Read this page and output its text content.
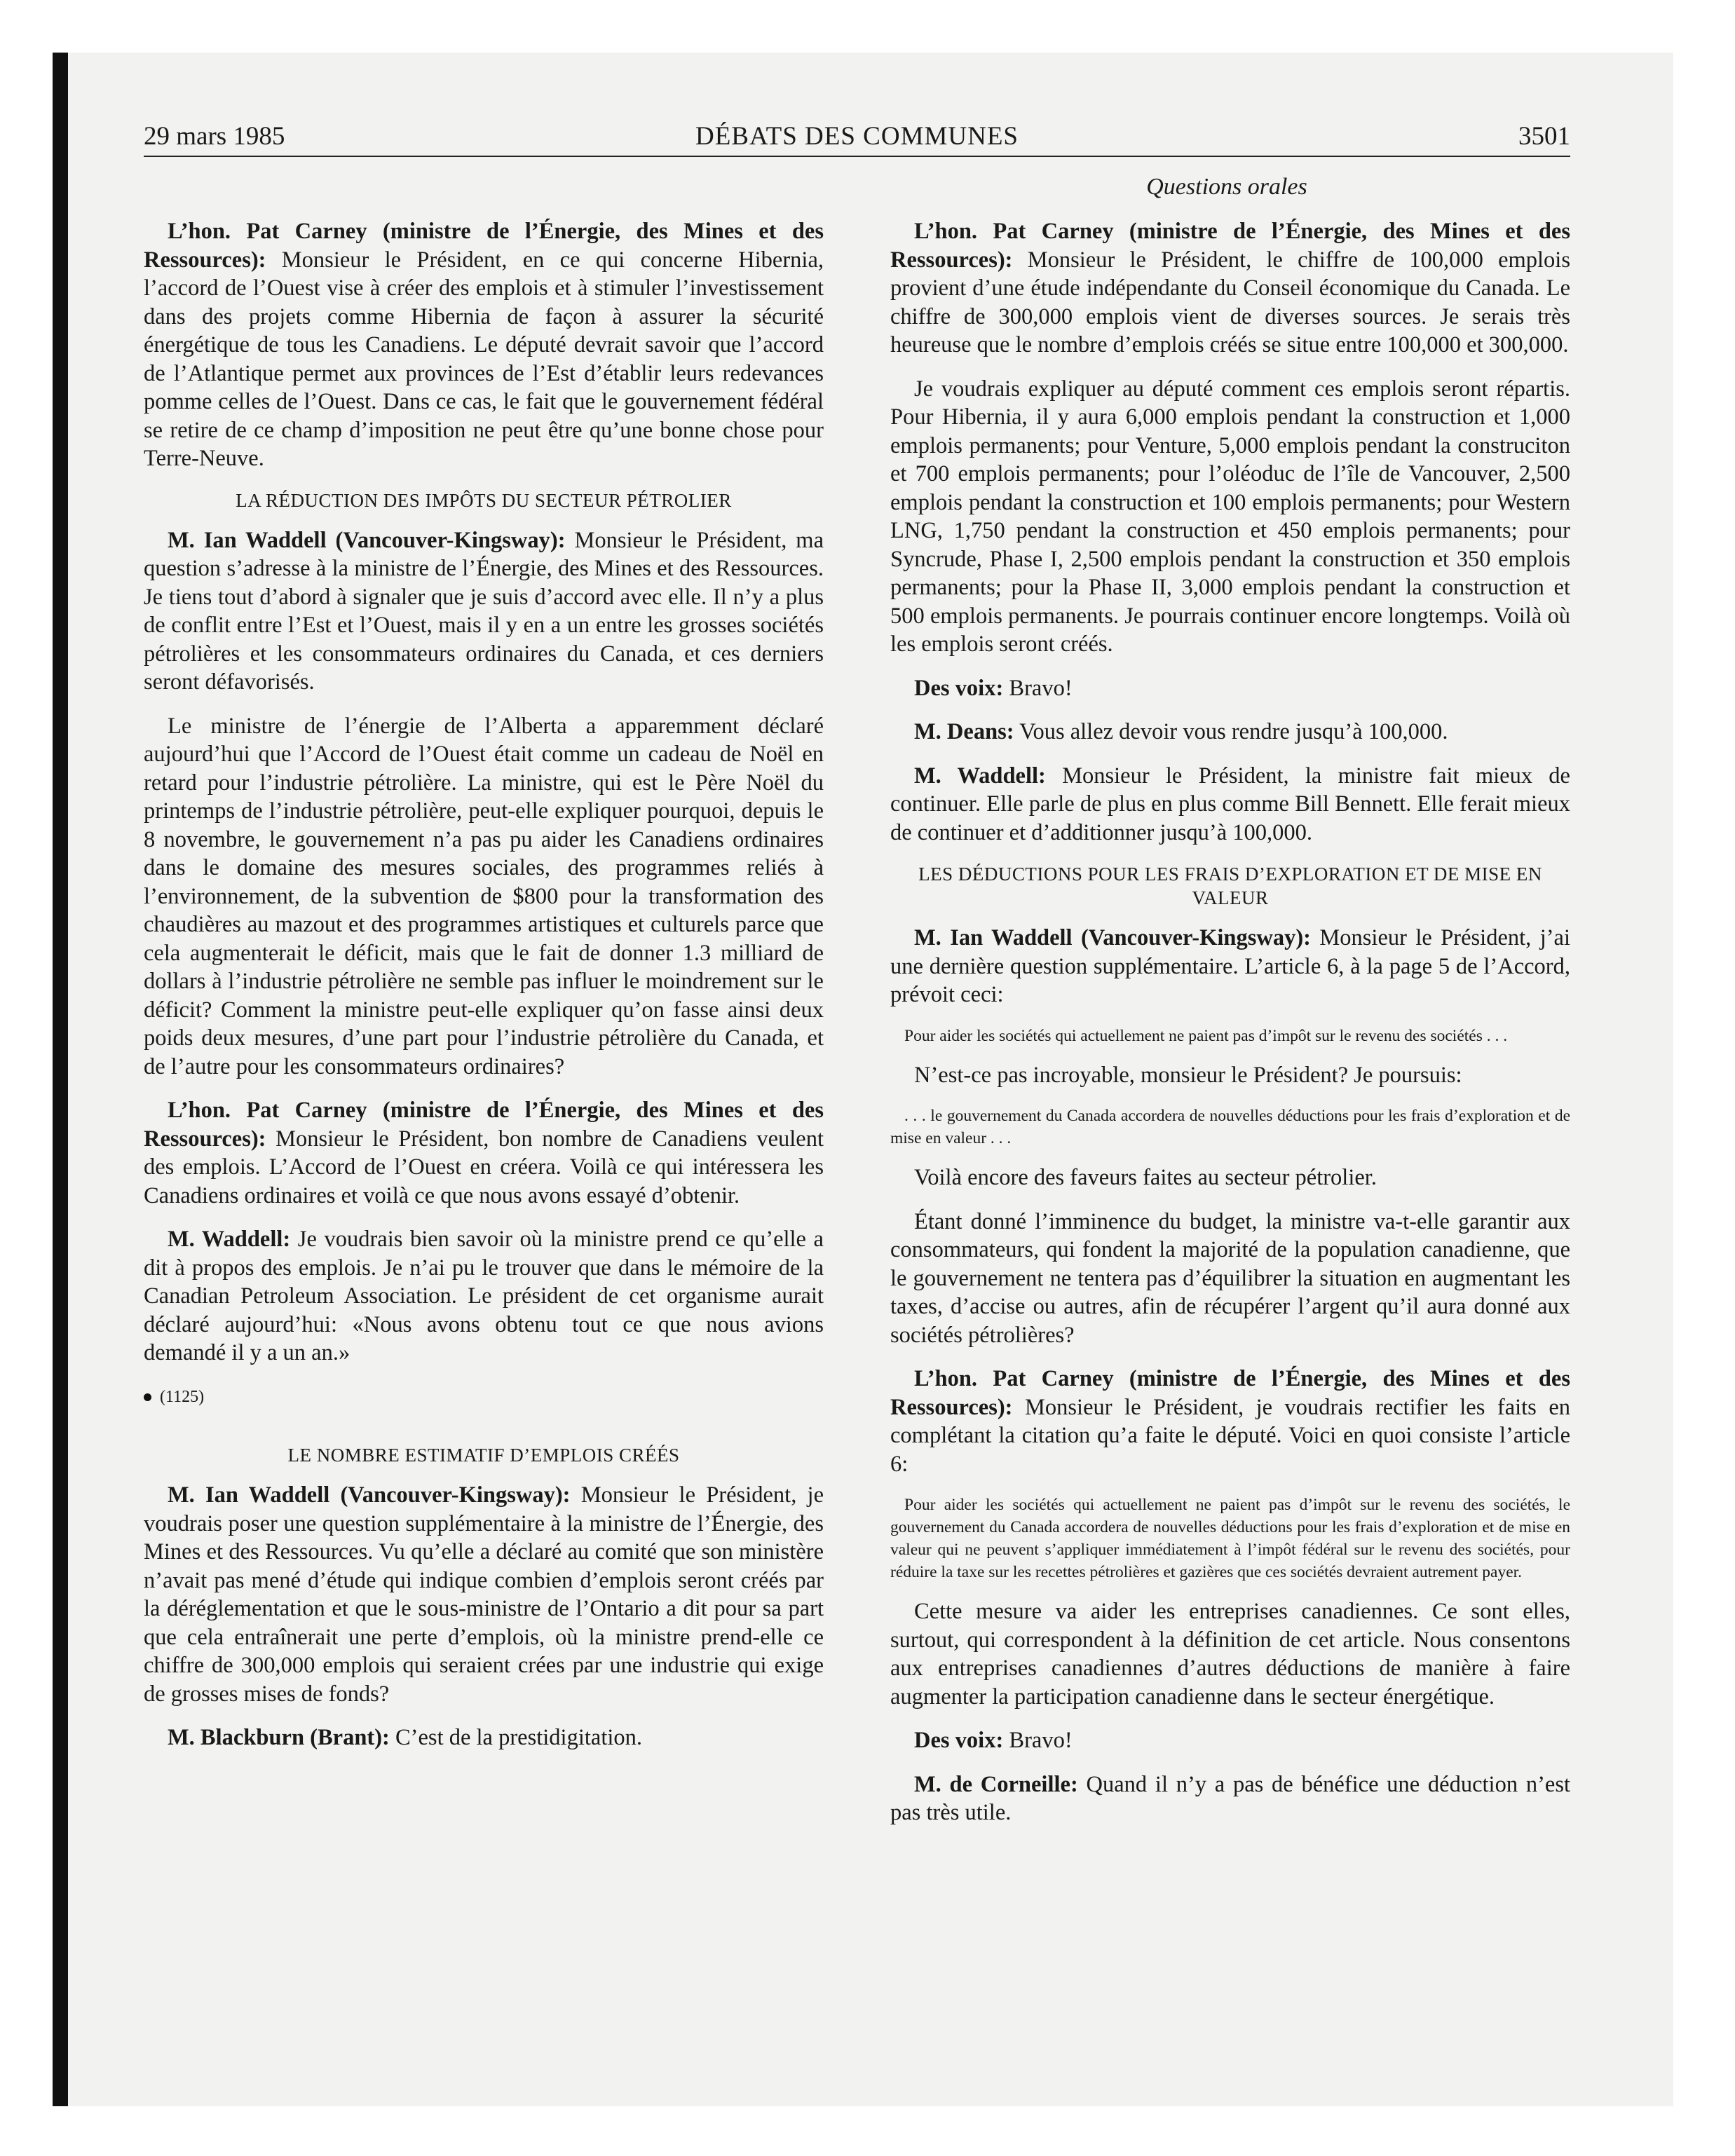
29 mars 1985	DÉBATS DES COMMUNES	3501
Questions orales

L’hon. Pat Carney (ministre de l’Énergie, des Mines et des Ressources): Monsieur le Président, en ce qui concerne Hibernia, l’accord de l’Ouest vise à créer des emplois et à stimuler l’investissement dans des projets comme Hibernia de façon à assurer la sécurité énergétique de tous les Canadiens. Le député devrait savoir que l’accord de l’Atlantique permet aux provinces de l’Est d’établir leurs redevances pomme celles de l’Ouest. Dans ce cas, le fait que le gouvernement fédéral se retire de ce champ d’imposition ne peut être qu’une bonne chose pour Terre-Neuve.

LA RÉDUCTION DES IMPÔTS DU SECTEUR PÉTROLIER

M. Ian Waddell (Vancouver-Kingsway): Monsieur le Président, ma question s’adresse à la ministre de l’Énergie, des Mines et des Ressources. Je tiens tout d’abord à signaler que je suis d’accord avec elle. Il n’y a plus de conflit entre l’Est et l’Ouest, mais il y en a un entre les grosses sociétés pétrolières et les consommateurs ordinaires du Canada, et ces derniers seront défavorisés.

Le ministre de l’énergie de l’Alberta a apparemment déclaré aujourd’hui que l’Accord de l’Ouest était comme un cadeau de Noël en retard pour l’industrie pétrolière. La ministre, qui est le Père Noël du printemps de l’industrie pétrolière, peut-elle expliquer pourquoi, depuis le 8 novembre, le gouvernement n’a pas pu aider les Canadiens ordinaires dans le domaine des mesures sociales, des programmes reliés à l’environnement, de la subvention de $800 pour la transformation des chaudières au mazout et des programmes artistiques et culturels parce que cela augmenterait le déficit, mais que le fait de donner 1.3 milliard de dollars à l’industrie pétrolière ne semble pas influer le moindrement sur le déficit? Comment la ministre peut-elle expliquer qu’on fasse ainsi deux poids deux mesures, d’une part pour l’industrie pétrolière du Canada, et de l’autre pour les consommateurs ordinaires?

L’hon. Pat Carney (ministre de l’Énergie, des Mines et des Ressources): Monsieur le Président, bon nombre de Canadiens veulent des emplois. L’Accord de l’Ouest en créera. Voilà ce qui intéressera les Canadiens ordinaires et voilà ce que nous avons essayé d’obtenir.

M. Waddell: Je voudrais bien savoir où la ministre prend ce qu’elle a dit à propos des emplois. Je n’ai pu le trouver que dans le mémoire de la Canadian Petroleum Association. Le président de cet organisme aurait déclaré aujourd’hui: «Nous avons obtenu tout ce que nous avions demandé il y a un an.»

(1125)
LE NOMBRE ESTIMATIF D’EMPLOIS CRÉÉS

M. Ian Waddell (Vancouver-Kingsway): Monsieur le Président, je voudrais poser une question supplémentaire à la ministre de l’Énergie, des Mines et des Ressources. Vu qu’elle a déclaré au comité que son ministère n’avait pas mené d’étude qui indique combien d’emplois seront créés par la déréglementation et que le sous-ministre de l’Ontario a dit pour sa part que cela entraînerait une perte d’emplois, où la ministre prend-elle ce chiffre de 300,000 emplois qui seraient crées par une industrie qui exige de grosses mises de fonds?

M. Blackburn (Brant): C’est de la prestidigitation.

L’hon. Pat Carney (ministre de l’Énergie, des Mines et des Ressources): Monsieur le Président, le chiffre de 100,000 emplois provient d’une étude indépendante du Conseil économique du Canada. Le chiffre de 300,000 emplois vient de diverses sources. Je serais très heureuse que le nombre d’emplois créés se situe entre 100,000 et 300,000.

Je voudrais expliquer au député comment ces emplois seront répartis. Pour Hibernia, il y aura 6,000 emplois pendant la construction et 1,000 emplois permanents; pour Venture, 5,000 emplois pendant la construciton et 700 emplois permanents; pour l’oléoduc de l’île de Vancouver, 2,500 emplois pendant la construction et 100 emplois permanents; pour Western LNG, 1,750 pendant la construction et 450 emplois permanents; pour Syncrude, Phase I, 2,500 emplois pendant la construction et 350 emplois permanents; pour la Phase II, 3,000 emplois pendant la construction et 500 emplois permanents. Je pourrais continuer encore longtemps. Voilà où les emplois seront créés.

Des voix: Bravo!

M. Deans: Vous allez devoir vous rendre jusqu’à 100,000.

M. Waddell: Monsieur le Président, la ministre fait mieux de continuer. Elle parle de plus en plus comme Bill Bennett. Elle ferait mieux de continuer et d’additionner jusqu’à 100,000.

LES DÉDUCTIONS POUR LES FRAIS D’EXPLORATION ET DE MISE EN VALEUR

M. Ian Waddell (Vancouver-Kingsway): Monsieur le Président, j’ai une dernière question supplémentaire. L’article 6, à la page 5 de l’Accord, prévoit ceci:

Pour aider les sociétés qui actuellement ne paient pas d’impôt sur le revenu des sociétés . . .

N’est-ce pas incroyable, monsieur le Président? Je poursuis:

. . . le gouvernement du Canada accordera de nouvelles déductions pour les frais d’exploration et de mise en valeur . . .

Voilà encore des faveurs faites au secteur pétrolier.

Étant donné l’imminence du budget, la ministre va-t-elle garantir aux consommateurs, qui fondent la majorité de la population canadienne, que le gouvernement ne tentera pas d’équilibrer la situation en augmentant les taxes, d’accise ou autres, afin de récupérer l’argent qu’il aura donné aux sociétés pétrolières?

L’hon. Pat Carney (ministre de l’Énergie, des Mines et des Ressources): Monsieur le Président, je voudrais rectifier les faits en complétant la citation qu’a faite le député. Voici en quoi consiste l’article 6:

Pour aider les sociétés qui actuellement ne paient pas d’impôt sur le revenu des sociétés, le gouvernement du Canada accordera de nouvelles déductions pour les frais d’exploration et de mise en valeur qui ne peuvent s’appliquer immédiatement à l’impôt fédéral sur le revenu des sociétés, pour réduire la taxe sur les recettes pétrolières et gazières que ces sociétés devraient autrement payer.

Cette mesure va aider les entreprises canadiennes. Ce sont elles, surtout, qui correspondent à la définition de cet article. Nous consentons aux entreprises canadiennes d’autres déductions de manière à faire augmenter la participation canadienne dans le secteur énergétique.

Des voix: Bravo!

M. de Corneille: Quand il n’y a pas de bénéfice une déduction n’est pas très utile.
